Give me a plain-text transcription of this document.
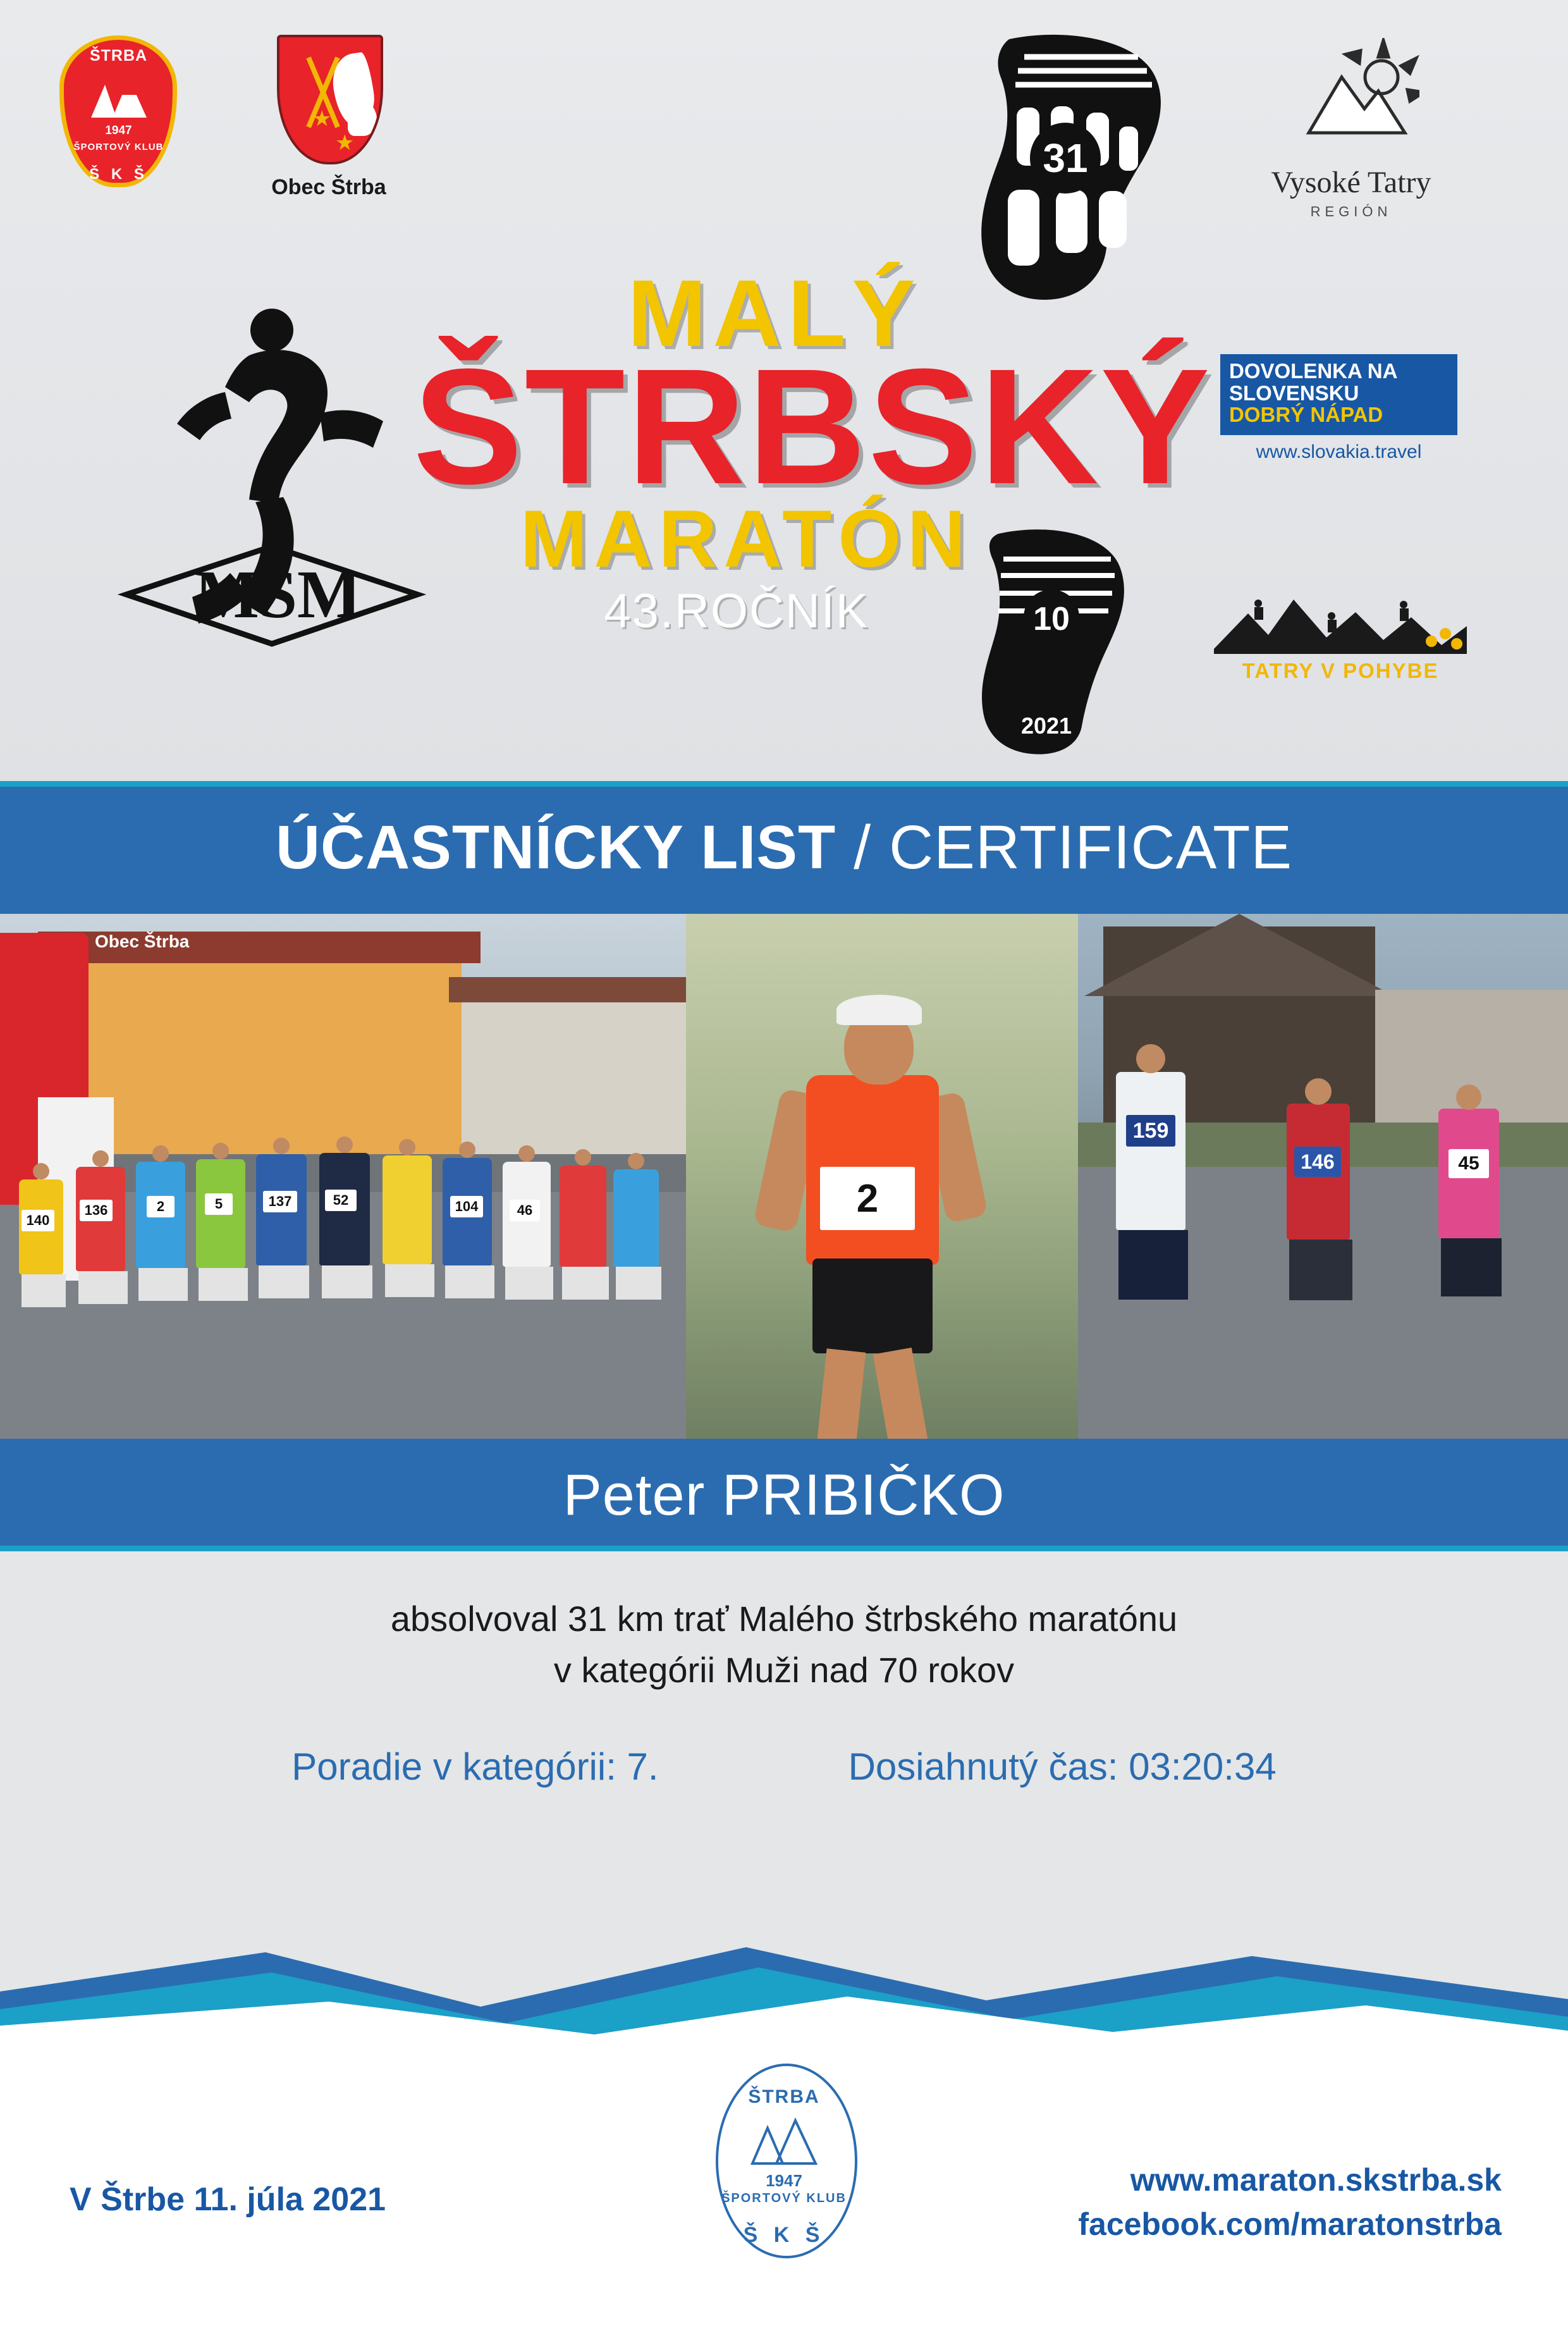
ŠTRBA
1947
ŠPORTOVÝ KLUB
Š K Š
★
★
Obec Štrba
MŠM
Vysoké Tatry
REGIÓN
DOVOLENKA NA
SLOVENSKU
DOBRÝ NÁPAD
www.slovakia.travel
TATRY V POHYBE
31
10
2021
MALÝ
ŠTRBSKÝ
MARATÓN
43.ROČNÍK
ÚČASTNÍCKY LIST / CERTIFICATE
Obec Štrba
140
136	2	5	137	52	104	46	2
159
146	45
Peter PRIBIČKO
absolvoval 31 km trať Malého štrbského maratónu
v kategórii Muži nad 70 rokov
Poradie v kategórii: 7.	Dosiahnutý čas: 03:20:34
V Štrbe 11. júla 2021
ŠTRBA
1947
ŠPORTOVÝ KLUB
Š K Š
www.maraton.skstrba.sk
facebook.com/maratonstrba
